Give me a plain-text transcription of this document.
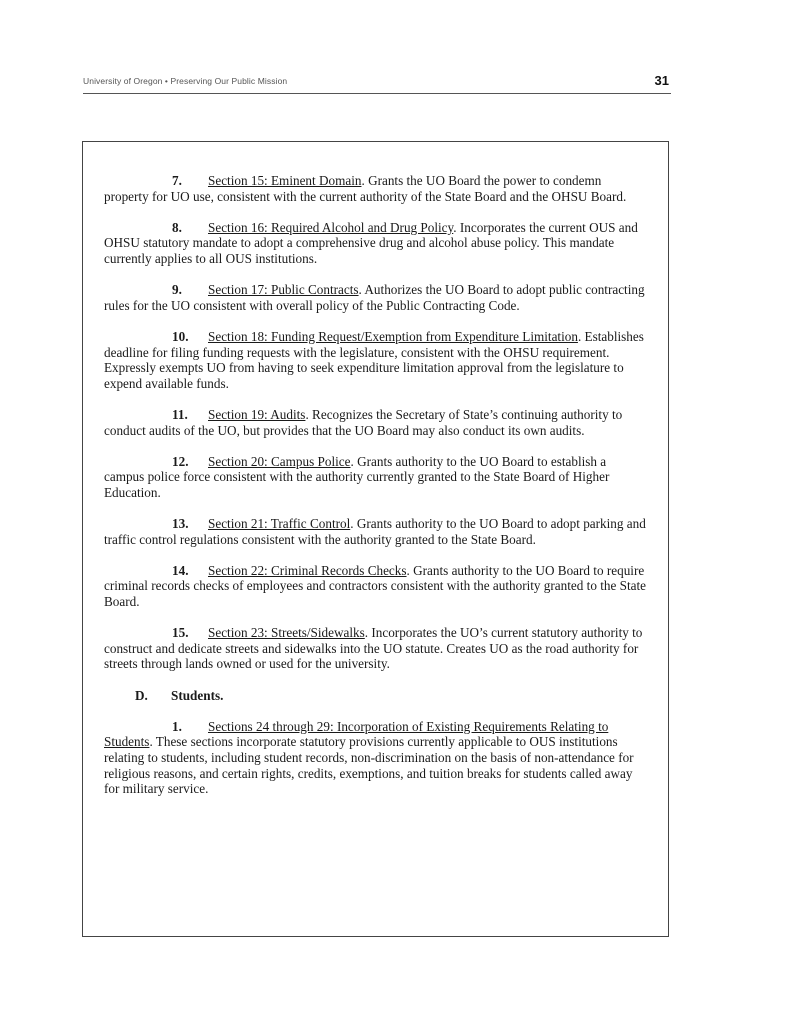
University of Oregon • Preserving Our Public Mission	31

7. Section 15: Eminent Domain. Grants the UO Board the power to condemn property for UO use, consistent with the current authority of the State Board and the OHSU Board.

8. Section 16: Required Alcohol and Drug Policy. Incorporates the current OUS and OHSU statutory mandate to adopt a comprehensive drug and alcohol abuse policy. This mandate currently applies to all OUS institutions.

9. Section 17: Public Contracts. Authorizes the UO Board to adopt public contracting rules for the UO consistent with overall policy of the Public Contracting Code.

10. Section 18: Funding Request/Exemption from Expenditure Limitation. Establishes deadline for filing funding requests with the legislature, consistent with the OHSU requirement. Expressly exempts UO from having to seek expenditure limitation approval from the legislature to expend available funds.

11. Section 19: Audits. Recognizes the Secretary of State’s continuing authority to conduct audits of the UO, but provides that the UO Board may also conduct its own audits.

12. Section 20: Campus Police. Grants authority to the UO Board to establish a campus police force consistent with the authority currently granted to the State Board of Higher Education.

13. Section 21: Traffic Control. Grants authority to the UO Board to adopt parking and traffic control regulations consistent with the authority granted to the State Board.

14. Section 22: Criminal Records Checks. Grants authority to the UO Board to require criminal records checks of employees and contractors consistent with the authority granted to the State Board.

15. Section 23: Streets/Sidewalks. Incorporates the UO’s current statutory authority to construct and dedicate streets and sidewalks into the UO statute. Creates UO as the road authority for streets through lands owned or used for the university.

D. Students.

1. Sections 24 through 29: Incorporation of Existing Requirements Relating to Students. These sections incorporate statutory provisions currently applicable to OUS institutions relating to students, including student records, non-discrimination on the basis of non-attendance for religious reasons, and certain rights, credits, exemptions, and tuition breaks for students called away for military service.
